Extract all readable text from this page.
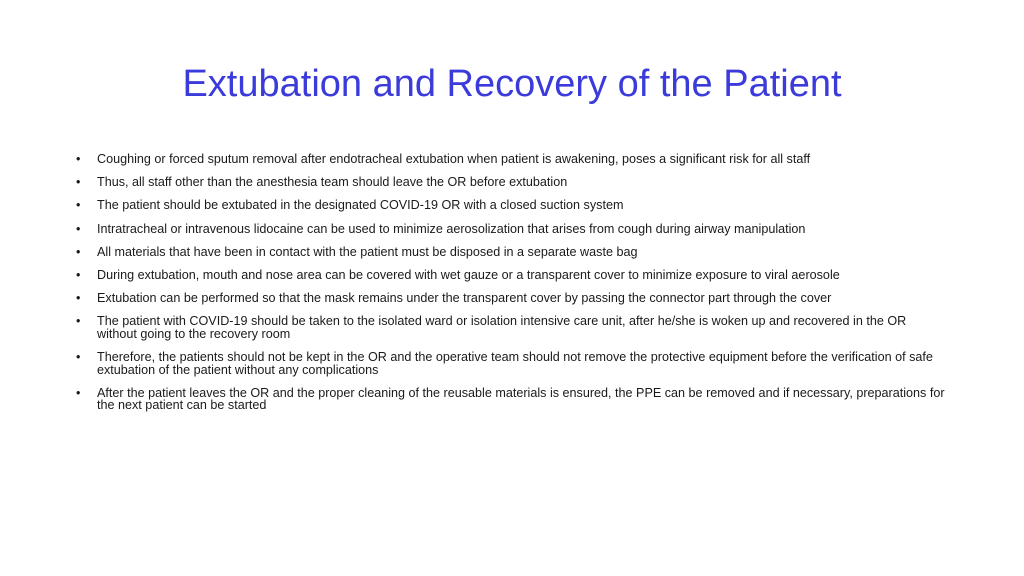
Extubation and Recovery of the Patient
•	Coughing or forced sputum removal after endotracheal extubation when patient is awakening, poses a significant risk for all staff
•	Thus, all staff other than the anesthesia team should leave the OR before extubation
•	The patient should be extubated in the designated COVID-19 OR with a closed suction system
•	Intratracheal or intravenous lidocaine can be used to minimize aerosolization that arises from cough during airway manipulation
•	All materials that have been in contact with the patient must be disposed in a separate waste bag
•	During extubation, mouth and nose area can be covered with wet gauze or a transparent cover to minimize exposure to viral aerosole
•	Extubation can be performed so that the mask remains under the transparent cover by passing the connector part through the cover
•	The patient with COVID-19 should be taken to the isolated ward or isolation intensive care unit, after he/she is woken up and recovered in the OR without going to the recovery room
•	Therefore, the patients should not be kept in the OR and the operative team should not remove the protective equipment before the verification of safe extubation of the patient without any complications
•	After the patient leaves the OR and the proper cleaning of the reusable materials is ensured, the PPE can be removed and if necessary, preparations for the next patient can be started
